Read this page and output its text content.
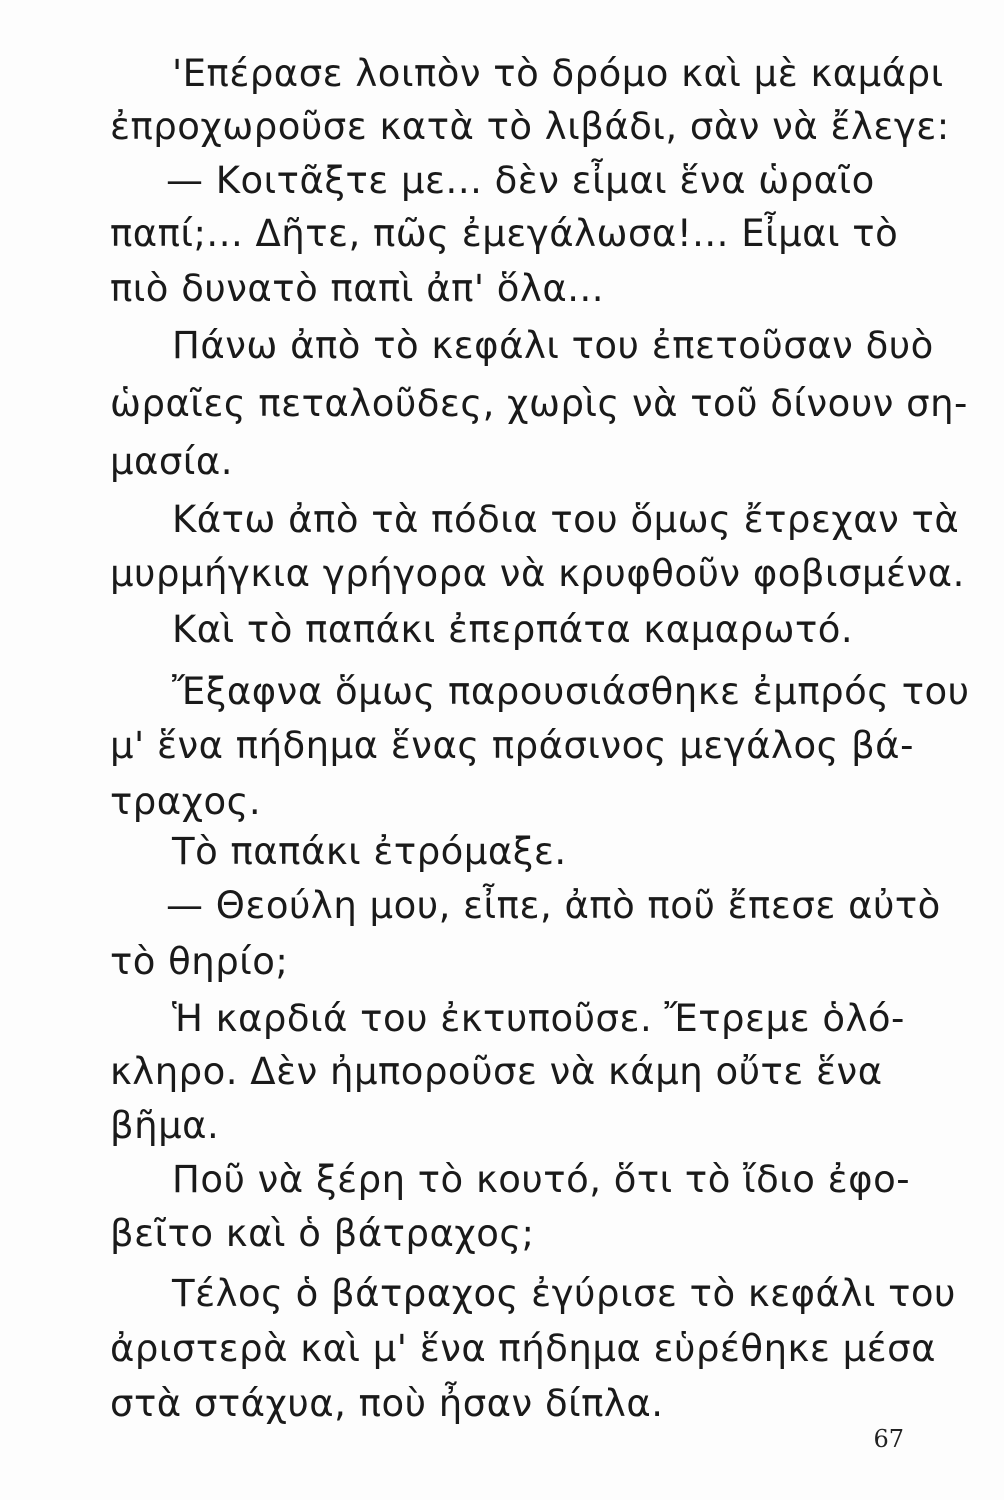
'Επέρασε λοιπὸν τὸ δρόμο καὶ μὲ καμάρι
ἐπροχωροῦσε κατὰ τὸ λιβάδι, σὰν νὰ ἔλεγε:
— Κοιτᾶξτε με... δὲν εἶμαι ἕνα ὡραῖο
παπί;... Δῆτε, πῶς ἐμεγάλωσα!... Εἶμαι τὸ
πιὸ δυνατὸ παπὶ ἀπ' ὅλα...
Πάνω ἀπὸ τὸ κεφάλι του ἐπετοῦσαν δυὸ
ὡραῖες πεταλοῦδες, χωρὶς νὰ τοῦ δίνουν ση-
μασία.
Κάτω ἀπὸ τὰ πόδια του ὅμως ἔτρεχαν τὰ
μυρμήγκια γρήγορα νὰ κρυφθοῦν φοβισμένα.
Καὶ τὸ παπάκι ἐπερπάτα καμαρωτό.
Ἔξαφνα ὅμως παρουσιάσθηκε ἐμπρός του
μ' ἕνα πήδημα ἕνας πράσινος μεγάλος βά-
τραχος.
Τὸ παπάκι ἐτρόμαξε.
— Θεούλη μου, εἶπε, ἀπὸ ποῦ ἔπεσε αὐτὸ
τὸ θηρίο;
Ἡ καρδιά του ἐκτυποῦσε. Ἔτρεμε ὁλό-
κληρο. Δὲν ἠμποροῦσε νὰ κάμη οὔτε ἕνα
βῆμα.
Ποῦ νὰ ξέρη τὸ κουτό, ὅτι τὸ ἴδιο ἐφο-
βεῖτο καὶ ὁ βάτραχος;
Τέλος ὁ βάτραχος ἐγύρισε τὸ κεφάλι του
ἀριστερὰ καὶ μ' ἕνα πήδημα εὑρέθηκε μέσα
στὰ στάχυα, ποὺ ἦσαν δίπλα.
67
